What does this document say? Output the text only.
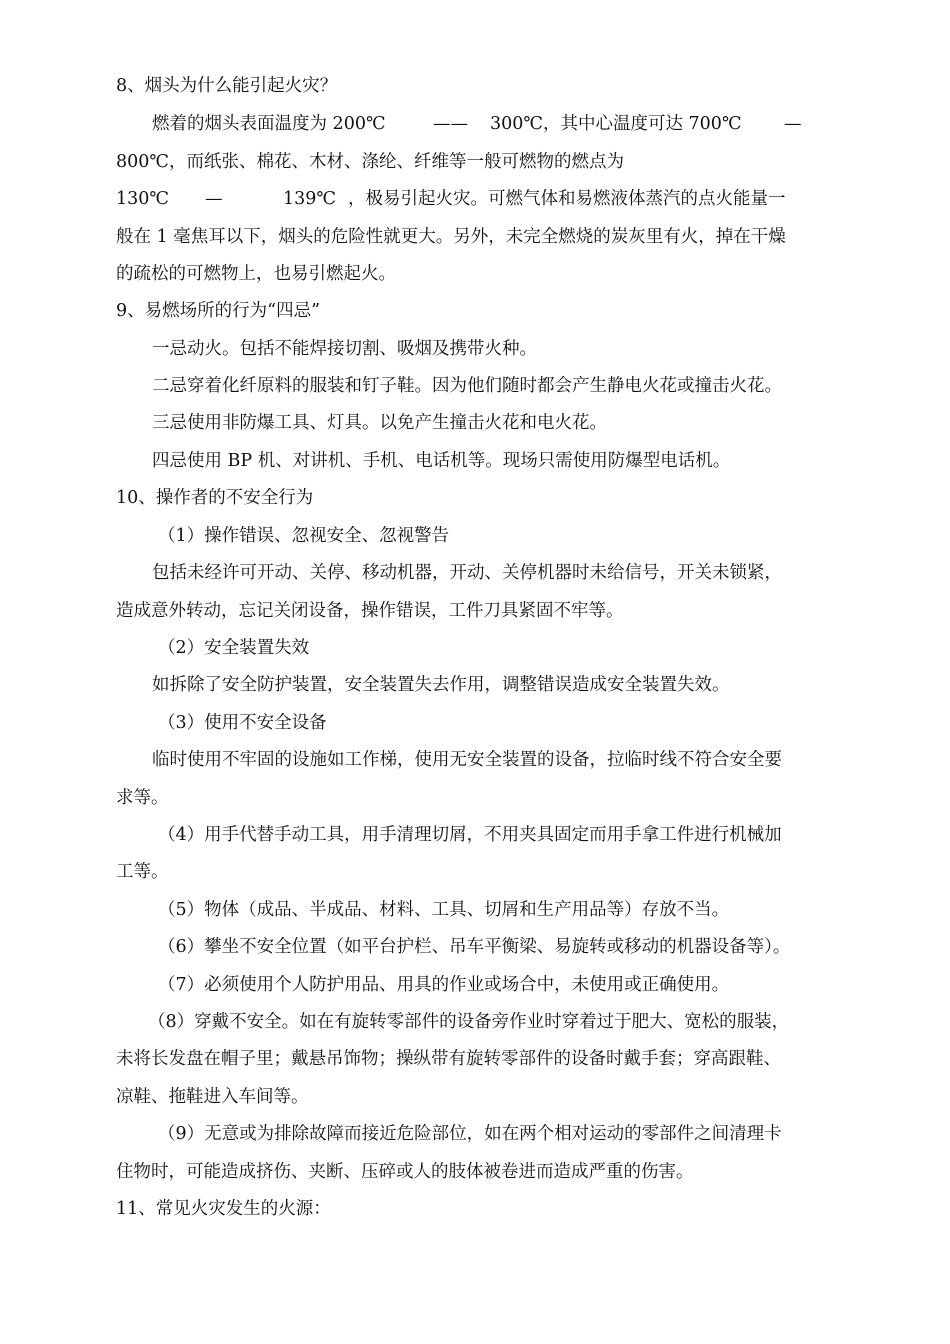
8、烟头为什么能引起火灾？
燃着的烟头表面温度为 200℃	—— 300℃，其中心温度可达 700℃ —
800℃，而纸张、棉花、木材、涤纶、纤维等一般可燃物的燃点为
130℃ —	139℃ ，极易引起火灾。可燃气体和易燃液体蒸汽的点火能量一
般在 1 毫焦耳以下，烟头的危险性就更大。另外，未完全燃烧的炭灰里有火，掉在干燥
的疏松的可燃物上，也易引燃起火。
9、易燃场所的行为“四忌”
一忌动火。包括不能焊接切割、吸烟及携带火种。
二忌穿着化纤原料的服装和钉子鞋。因为他们随时都会产生静电火花或撞击火花。
三忌使用非防爆工具、灯具。以免产生撞击火花和电火花。
四忌使用 BP 机、对讲机、手机、电话机等。现场只需使用防爆型电话机。
10、操作者的不安全行为
（1）操作错误、忽视安全、忽视警告
包括未经许可开动、关停、移动机器，开动、关停机器时未给信号，开关未锁紧，
造成意外转动，忘记关闭设备，操作错误，工件刀具紧固不牢等。
（2）安全装置失效
如拆除了安全防护装置，安全装置失去作用，调整错误造成安全装置失效。
（3）使用不安全设备
临时使用不牢固的设施如工作梯，使用无安全装置的设备，拉临时线不符合安全要
求等。
（4）用手代替手动工具，用手清理切屑，不用夹具固定而用手拿工件进行机械加
工等。
（5）物体（成品、半成品、材料、工具、切屑和生产用品等）存放不当。
（6）攀坐不安全位置（如平台护栏、吊车平衡梁、易旋转或移动的机器设备等）。
（7）必须使用个人防护用品、用具的作业或场合中，未使用或正确使用。
（8）穿戴不安全。如在有旋转零部件的设备旁作业时穿着过于肥大、宽松的服装，
未将长发盘在帽子里；戴悬吊饰物；操纵带有旋转零部件的设备时戴手套；穿高跟鞋、
凉鞋、拖鞋进入车间等。
（9）无意或为排除故障而接近危险部位，如在两个相对运动的零部件之间清理卡
住物时，可能造成挤伤、夹断、压碎或人的肢体被卷进而造成严重的伤害。
11、常见火灾发生的火源：
